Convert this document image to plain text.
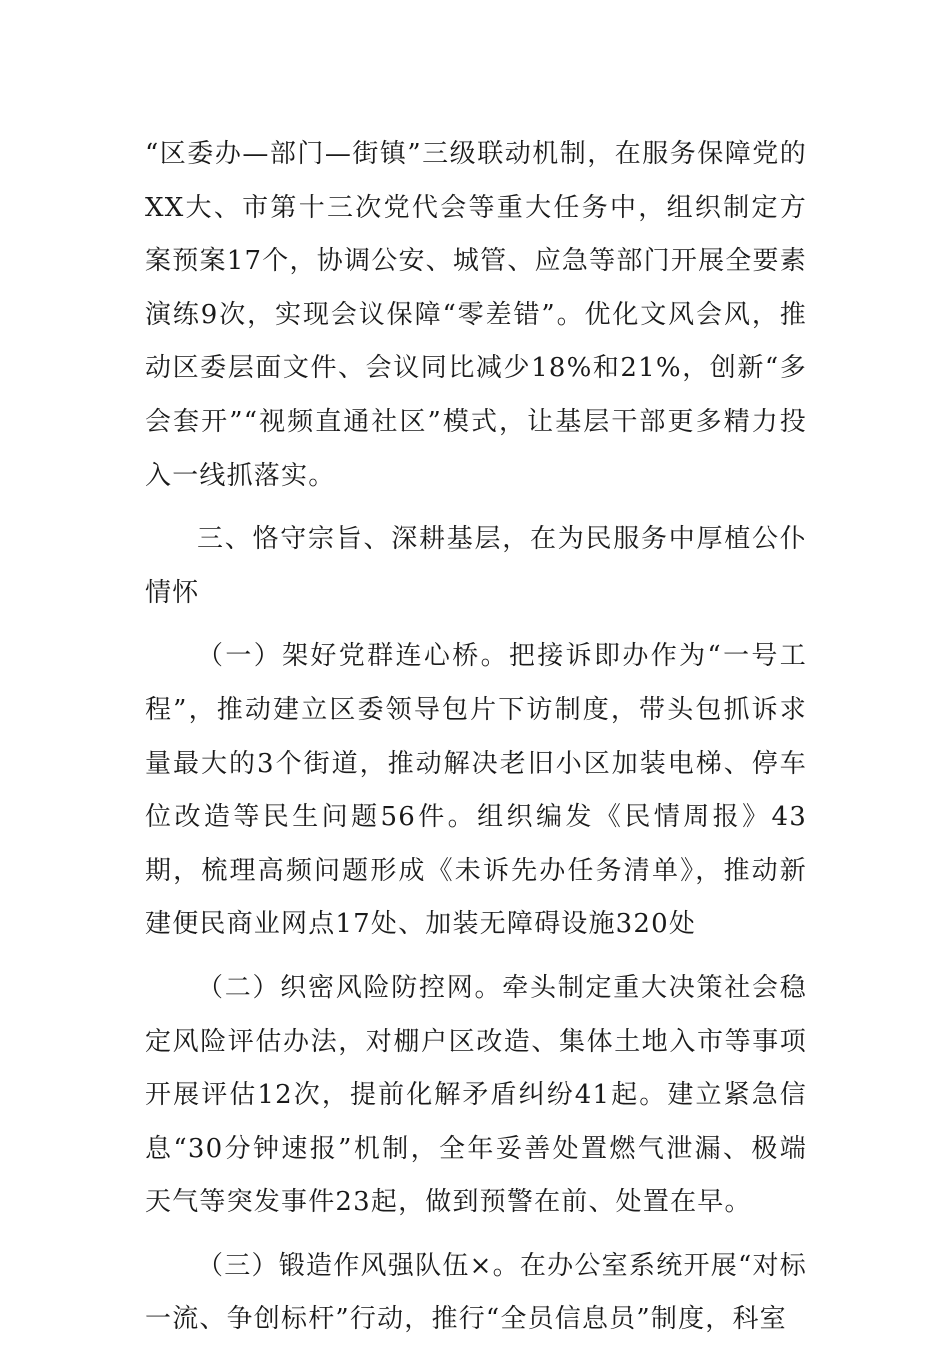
“区委办—部门—街镇”三级联动机制，在服务保障党的XX大、市第十三次党代会等重大任务中，组织制定方案预案17个，协调公安、城管、应急等部门开展全要素演练9次，实现会议保障“零差错”。优化文风会风，推动区委层面文件、会议同比减少18%和21%，创新“多会套开”“视频直通社区”模式，让基层干部更多精力投入一线抓落实。

三、恪守宗旨、深耕基层，在为民服务中厚植公仆情怀

（一）架好党群连心桥。把接诉即办作为“一号工程”，推动建立区委领导包片下访制度，带头包抓诉求量最大的3个街道，推动解决老旧小区加装电梯、停车位改造等民生问题56件。组织编发《民情周报》43期，梳理高频问题形成《未诉先办任务清单》，推动新建便民商业网点17处、加装无障碍设施320处

（二）织密风险防控网。牵头制定重大决策社会稳定风险评估办法，对棚户区改造、集体土地入市等事项开展评估12次，提前化解矛盾纠纷41起。建立紧急信息“30分钟速报”机制，全年妥善处置燃气泄漏、极端天气等突发事件23起，做到预警在前、处置在早。

（三）锻造作风强队伍×。在办公室系统开展“对标一流、争创标杆”行动，推行“全员信息员”制度，科室
